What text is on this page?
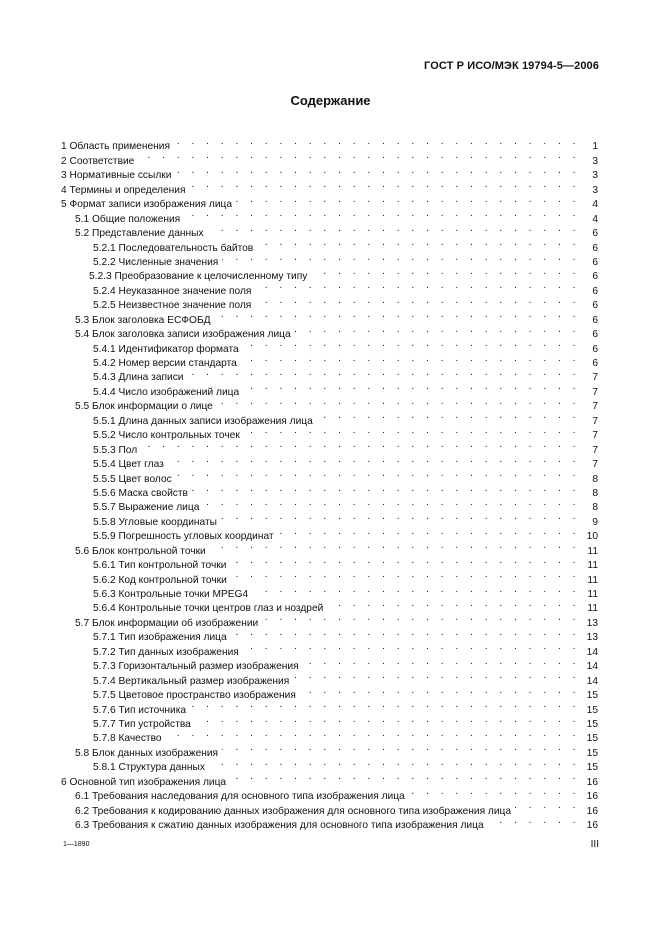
ГОСТ Р ИСО/МЭК 19794-5—2006
Содержание
1 Область применения . . .	1
2 Соответствие . . .	3
3 Нормативные ссылки . . .	3
4 Термины и определения . . .	3
5 Формат записи изображения лица . . .	4
5.1 Общие положения . . .	4
5.2 Представление данных . . .	6
5.2.1 Последовательность байтов . . .	6
5.2.2 Численные значения . . .	6
5.2.3 Преобразование к целочисленному типу . . .	6
5.2.4 Неуказанное значение поля . . .	6
5.2.5 Неизвестное значение поля . . .	6
5.3 Блок заголовка ЕСФОБД . . .	6
5.4 Блок заголовка записи изображения лица . . .	6
5.4.1 Идентификатор формата . . .	6
5.4.2 Номер версии стандарта . . .	6
5.4.3 Длина записи . . .	7
5.4.4 Число изображений лица . . .	7
5.5 Блок информации о лице . . .	7
5.5.1 Длина данных записи изображения лица . . .	7
5.5.2 Число контрольных точек . . .	7
5.5.3 Пол . . .	7
5.5.4 Цвет глаз . . .	7
5.5.5 Цвет волос . . .	8
5.5.6 Маска свойств . . .	8
5.5.7 Выражение лица . . .	8
5.5.8 Угловые координаты . . .	9
5.5.9 Погрешность угловых координат . . .	10
5.6 Блок контрольной точки . . .	11
5.6.1 Тип контрольной точки . . .	11
5.6.2 Код контрольной точки . . .	11
5.6.3 Контрольные точки MPEG4 . . .	11
5.6.4 Контрольные точки центров глаз и ноздрей . . .	11
5.7 Блок информации об изображении . . .	13
5.7.1 Тип изображения лица . . .	13
5.7.2 Тип данных изображения . . .	14
5.7.3 Горизонтальный размер изображения . . .	14
5.7.4 Вертикальный размер изображения . . .	14
5.7.5 Цветовое пространство изображения . . .	15
5.7.6 Тип источника . . .	15
5.7.7 Тип устройства . . .	15
5.7.8 Качество . . .	15
5.8 Блок данных изображения . . .	15
5.8.1 Структура данных . . .	15
6 Основной тип изображения лица . . .	16
6.1 Требования наследования для основного типа изображения лица . . .	16
6.2 Требования к кодированию данных изображения для основного типа изображения лица . . .	16
6.3 Требования к сжатию данных изображения для основного типа изображения лица . . .	16
1—1890	III
